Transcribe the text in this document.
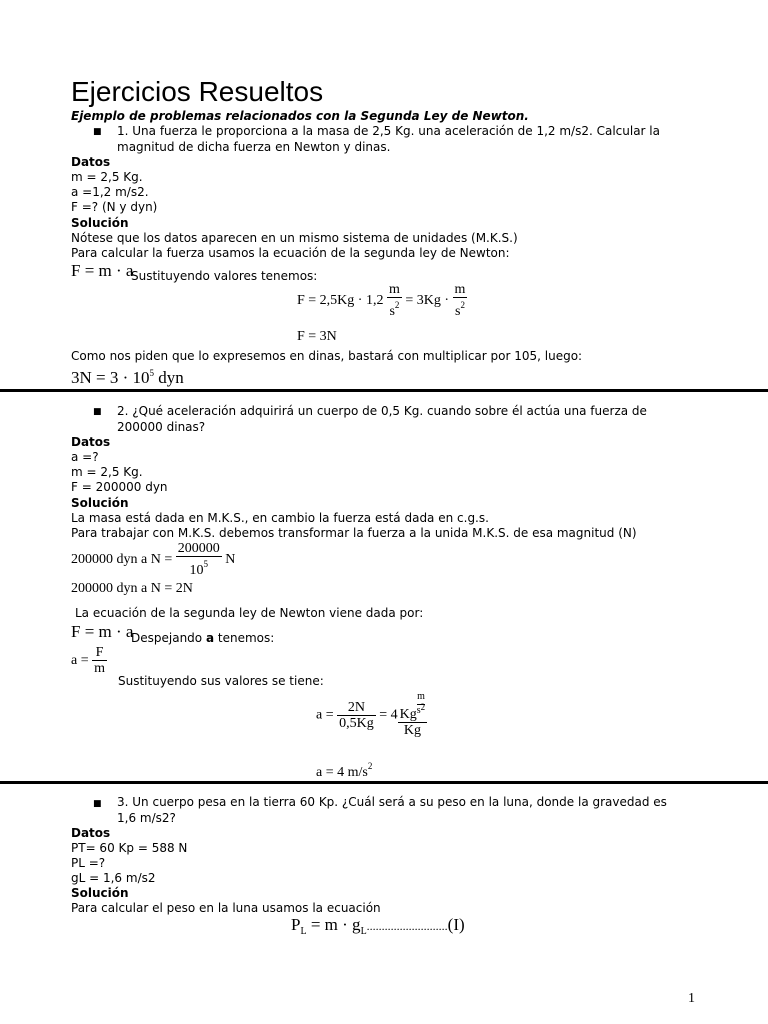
Ejercicios Resueltos
Ejemplo de problemas relacionados con la Segunda Ley de Newton.
■ 1. Una fuerza le proporciona a la masa de 2,5 Kg. una aceleración de 1,2 m/s2. Calcular la
magnitud de dicha fuerza en Newton y dinas.
Datos
m = 2,5 Kg.
a =1,2 m/s2.
F =? (N y dyn)
Solución
Nótese que los datos aparecen en un mismo sistema de unidades (M.K.S.)
Para calcular la fuerza usamos la ecuación de la segunda ley de Newton:
F = m · a
Sustituyendo valores tenemos:
$F = 2,5Kg \cdot 1,2 \frac{m}{s^2} = 3Kg \cdot \frac{m}{s^2}$
F = 3N
Como nos piden que lo expresemos en dinas, bastará con multiplicar por 105, luego:
$3N = 3 \cdot 10^5$ dyn
■ 2. ¿Qué aceleración adquirirá un cuerpo de 0,5 Kg. cuando sobre él actúa una fuerza de
200000 dinas?
Datos
a =?
m = 2,5 Kg.
F = 200000 dyn
Solución
La masa está dada en M.K.S., en cambio la fuerza está dada en c.g.s.
Para trabajar con M.K.S. debemos transformar la fuerza a la unida M.K.S. de esa magnitud (N)
200000 dyn a $N = \frac{200000}{10^5}$ N
200000 dyn a N = 2N
La ecuación de la segunda ley de Newton viene dada por:
F = m · a
Despejando a tenemos:
$a = \frac{F}{m}$
Sustituyendo sus valores se tiene:
$a = \frac{2N}{0,5Kg} = 4$ $Kg\frac{m}{s2}$
Kg
a = 4 $m/s^2$
■ 3. Un cuerpo pesa en la tierra 60 Kp. ¿Cuál será a su peso en la luna, donde la gravedad es
1,6 m/s2?
Datos
PT= 60 Kp = 588 N
PL =?
gL = 1,6 m/s2
Solución
Para calcular el peso en la luna usamos la ecuación
$P_L = m \cdot g_L...........................(I)$
1
